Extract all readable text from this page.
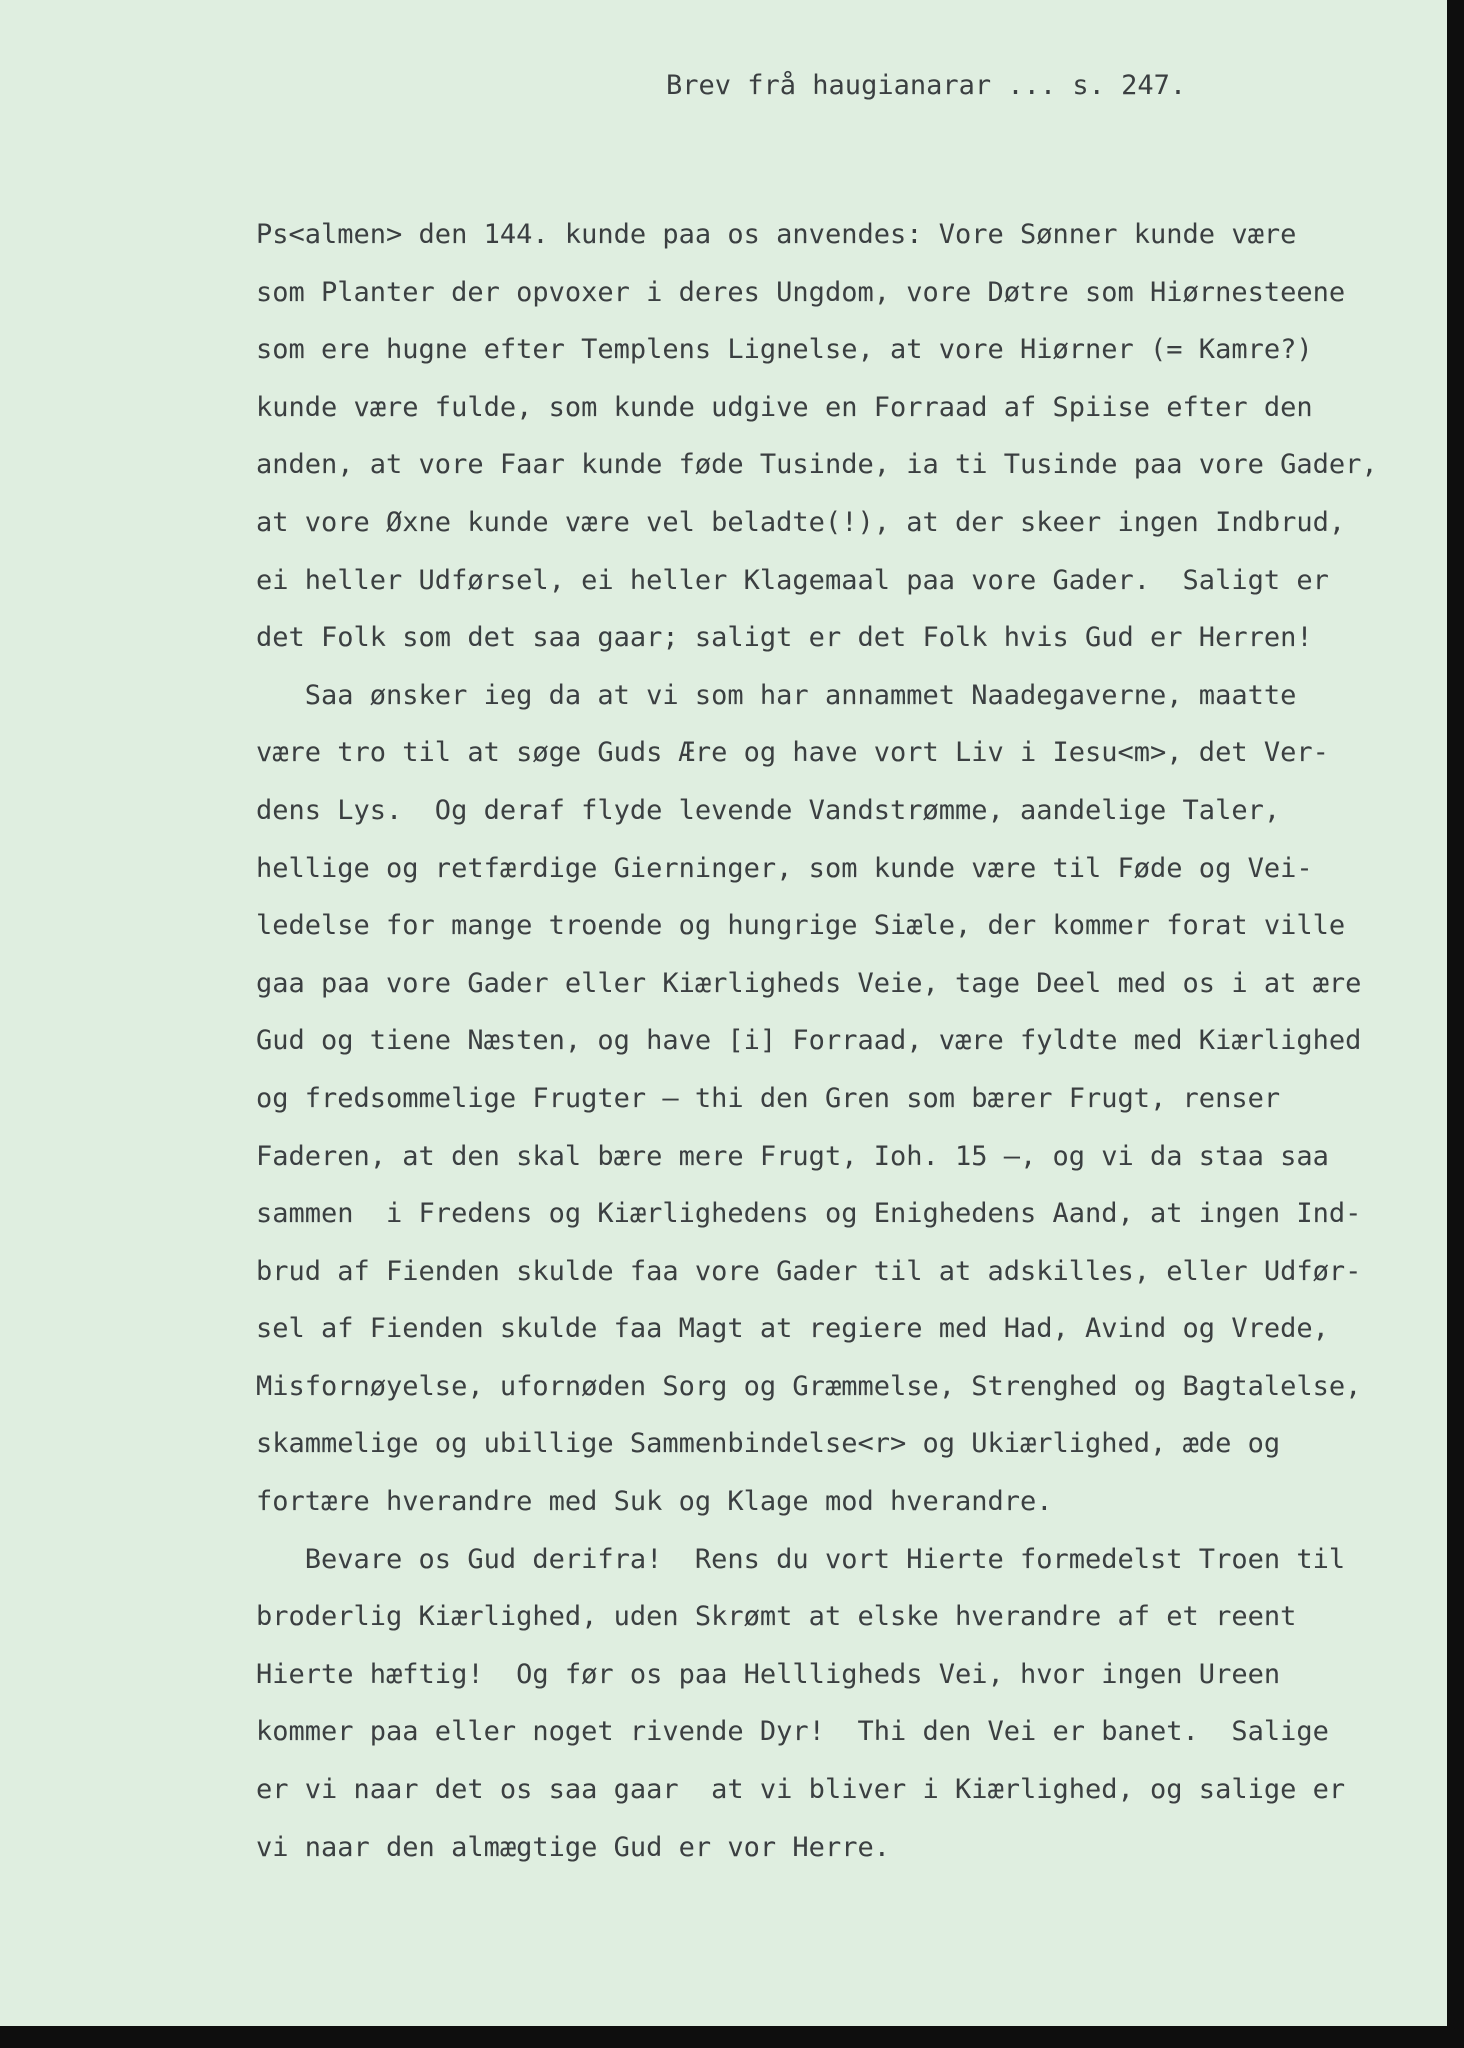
Brev frå haugianarar ... s. 247.
Ps<almen> den 144. kunde paa os anvendes: Vore Sønner kunde være
som Planter der opvoxer i deres Ungdom, vore Døtre som Hiørnesteene
som ere hugne efter Templens Lignelse, at vore Hiørner (= Kamre?)
kunde være fulde, som kunde udgive en Forraad af Spiise efter den
anden, at vore Faar kunde føde Tusinde, ia ti Tusinde paa vore Gader,
at vore Øxne kunde være vel beladte(!), at der skeer ingen Indbrud,
ei heller Udførsel, ei heller Klagemaal paa vore Gader.  Saligt er
det Folk som det saa gaar; saligt er det Folk hvis Gud er Herren!
Saa ønsker ieg da at vi som har annammet Naadegaverne, maatte
være tro til at søge Guds Ære og have vort Liv i Iesu<m>, det Ver-
dens Lys.  Og deraf flyde levende Vandstrømme, aandelige Taler,
hellige og retfærdige Gierninger, som kunde være til Føde og Vei-
ledelse for mange troende og hungrige Siæle, der kommer forat ville
gaa paa vore Gader eller Kiærligheds Veie, tage Deel med os i at ære
Gud og tiene Næsten, og have [i] Forraad, være fyldte med Kiærlighed
og fredsommelige Frugter — thi den Gren som bærer Frugt, renser
Faderen, at den skal bære mere Frugt, Ioh. 15 —, og vi da staa saa
sammen  i Fredens og Kiærlighedens og Enighedens Aand, at ingen Ind-
brud af Fienden skulde faa vore Gader til at adskilles, eller Udfør-
sel af Fienden skulde faa Magt at regiere med Had, Avind og Vrede,
Misfornøyelse, ufornøden Sorg og Græmmelse, Strenghed og Bagtalelse,
skammelige og ubillige Sammenbindelse<r> og Ukiærlighed, æde og
fortære hverandre med Suk og Klage mod hverandre.
Bevare os Gud derifra!  Rens du vort Hierte formedelst Troen til
broderlig Kiærlighed, uden Skrømt at elske hverandre af et reent
Hierte hæftig!  Og før os paa Hellligheds Vei, hvor ingen Ureen
kommer paa eller noget rivende Dyr!  Thi den Vei er banet.  Salige
er vi naar det os saa gaar  at vi bliver i Kiærlighed, og salige er
vi naar den almægtige Gud er vor Herre.
